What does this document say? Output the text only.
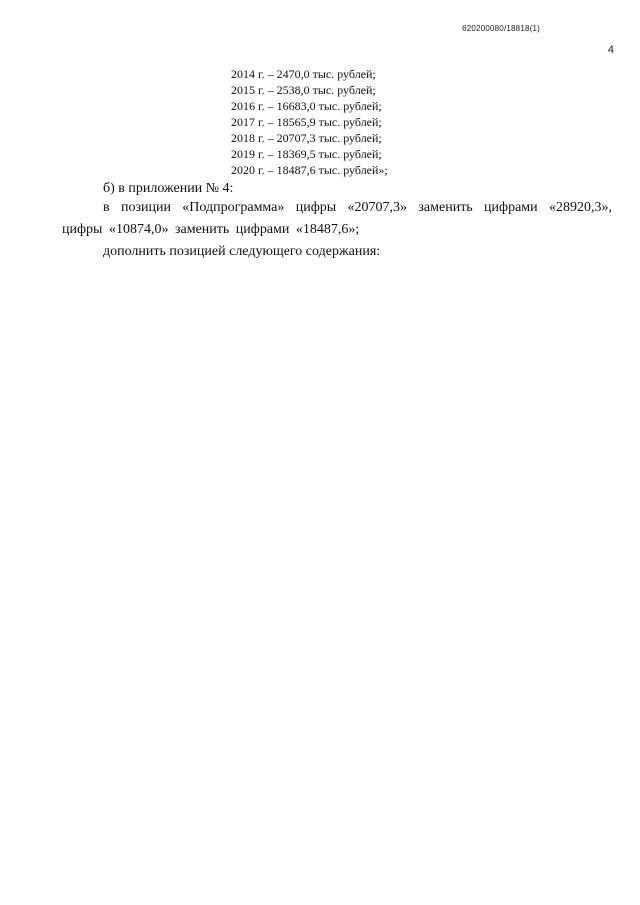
620200080/18818(1)
4
2014 г. – 2470,0 тыс. рублей;
2015 г. – 2538,0 тыс. рублей;
2016 г. – 16683,0 тыс. рублей;
2017 г. – 18565,9 тыс. рублей;
2018 г. – 20707,3 тыс. рублей;
2019 г. – 18369,5 тыс. рублей;
2020 г. – 18487,6 тыс. рублей»;
б) в приложении № 4:
в позиции «Подпрограмма» цифры «20707,3» заменить цифрами «28920,3», цифры «10874,0» заменить цифрами «18487,6»;
дополнить позицией следующего содержания:
